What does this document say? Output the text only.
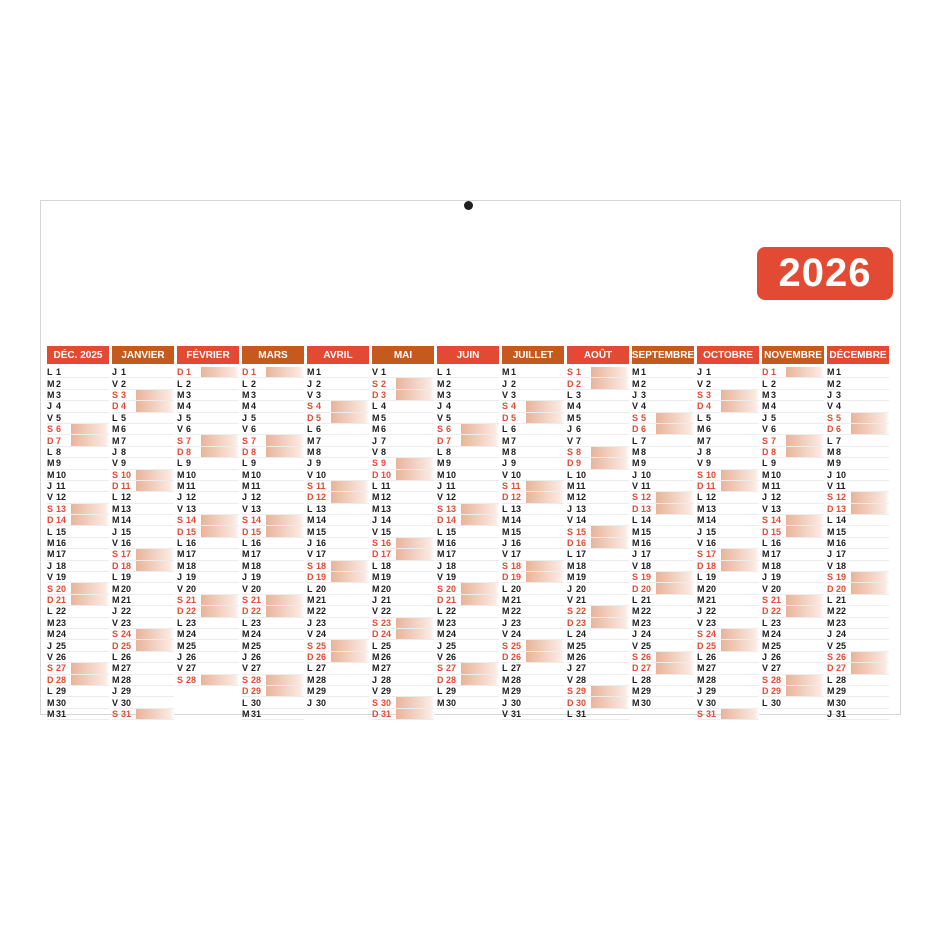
2026
DÉC. 2025
L 1
M 2
M 3
J 4
V 5
S 6
D 7
L 8
M 9
M 10
J 11
V 12
S 13
D 14
L 15
M 16
M 17
J 18
V 19
S 20
D 21
L 22
M 23
M 24
J 25
V 26
S 27
D 28
L 29
M 30
M 31
JANVIER
J 1
V 2
S 3
D 4
L 5
M 6
M 7
J 8
V 9
S 10
D 11
L 12
M 13
M 14
J 15
V 16
S 17
D 18
L 19
M 20
M 21
J 22
V 23
S 24
D 25
L 26
M 27
M 28
J 29
V 30
S 31
FÉVRIER
D 1
L 2
M 3
M 4
J 5
V 6
S 7
D 8
L 9
M 10
M 11
J 12
V 13
S 14
D 15
L 16
M 17
M 18
J 19
V 20
S 21
D 22
L 23
M 24
M 25
J 26
V 27
S 28
MARS
D 1
L 2
M 3
M 4
J 5
V 6
S 7
D 8
L 9
M 10
M 11
J 12
V 13
S 14
D 15
L 16
M 17
M 18
J 19
V 20
S 21
D 22
L 23
M 24
M 25
J 26
V 27
S 28
D 29
L 30
M 31
AVRIL
M 1
J 2
V 3
S 4
D 5
L 6
M 7
M 8
J 9
V 10
S 11
D 12
L 13
M 14
M 15
J 16
V 17
S 18
D 19
L 20
M 21
M 22
J 23
V 24
S 25
D 26
L 27
M 28
M 29
J 30
MAI
V 1
S 2
D 3
L 4
M 5
M 6
J 7
V 8
S 9
D 10
L 11
M 12
M 13
J 14
V 15
S 16
D 17
L 18
M 19
M 20
J 21
V 22
S 23
D 24
L 25
M 26
M 27
J 28
V 29
S 30
D 31
JUIN
L 1
M 2
M 3
J 4
V 5
S 6
D 7
L 8
M 9
M 10
J 11
V 12
S 13
D 14
L 15
M 16
M 17
J 18
V 19
S 20
D 21
L 22
M 23
M 24
J 25
V 26
S 27
D 28
L 29
M 30
JUILLET
M 1
J 2
V 3
S 4
D 5
L 6
M 7
M 8
J 9
V 10
S 11
D 12
L 13
M 14
M 15
J 16
V 17
S 18
D 19
L 20
M 21
M 22
J 23
V 24
S 25
D 26
L 27
M 28
M 29
J 30
V 31
AOÛT
S 1
D 2
L 3
M 4
M 5
J 6
V 7
S 8
D 9
L 10
M 11
M 12
J 13
V 14
S 15
D 16
L 17
M 18
M 19
J 20
V 21
S 22
D 23
L 24
M 25
M 26
J 27
V 28
S 29
D 30
L 31
SEPTEMBRE
M 1
M 2
J 3
V 4
S 5
D 6
L 7
M 8
M 9
J 10
V 11
S 12
D 13
L 14
M 15
M 16
J 17
V 18
S 19
D 20
L 21
M 22
M 23
J 24
V 25
S 26
D 27
L 28
M 29
M 30
OCTOBRE
J 1
V 2
S 3
D 4
L 5
M 6
M 7
J 8
V 9
S 10
D 11
L 12
M 13
M 14
J 15
V 16
S 17
D 18
L 19
M 20
M 21
J 22
V 23
S 24
D 25
L 26
M 27
M 28
J 29
V 30
S 31
NOVEMBRE
D 1
L 2
M 3
M 4
J 5
V 6
S 7
D 8
L 9
M 10
M 11
J 12
V 13
S 14
D 15
L 16
M 17
M 18
J 19
V 20
S 21
D 22
L 23
M 24
M 25
J 26
V 27
S 28
D 29
L 30
DÉCEMBRE
M 1
M 2
J 3
V 4
S 5
D 6
L 7
M 8
M 9
J 10
V 11
S 12
D 13
L 14
M 15
M 16
J 17
V 18
S 19
D 20
L 21
M 22
M 23
J 24
V 25
S 26
D 27
L 28
M 29
M 30
J 31
